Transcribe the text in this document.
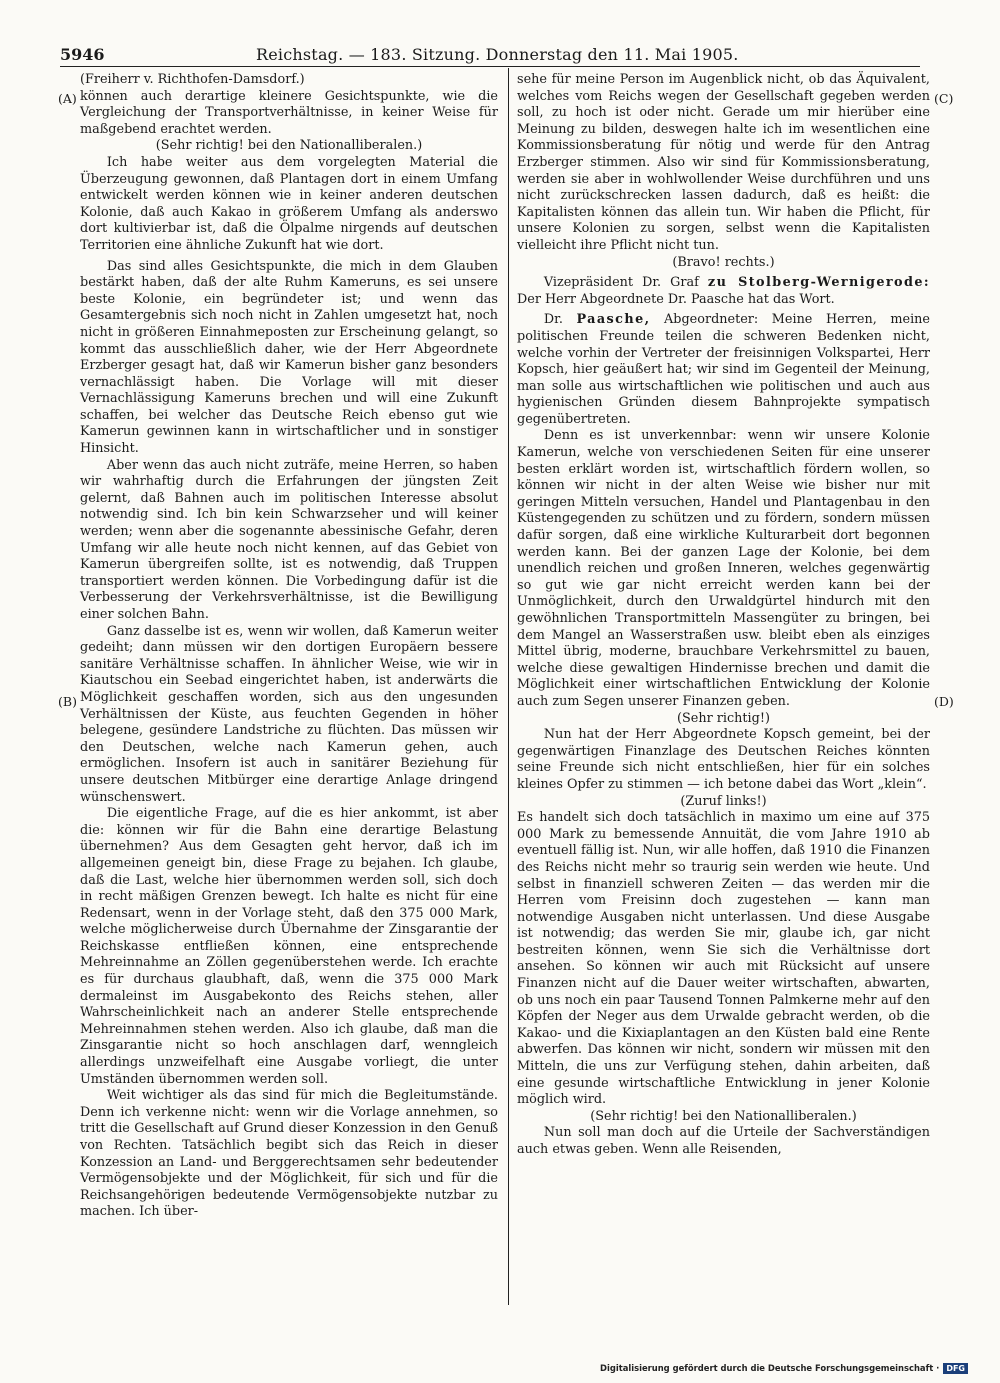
5946	Reichstag. — 183. Sitzung. Donnerstag den 11. Mai 1905.
(A)
(B)
(C)
(D)

(Freiherr v. Richthofen-Damsdorf.)

können auch derartige kleinere Gesichtspunkte, wie die Vergleichung der Transportverhältnisse, in keiner Weise für maßgebend erachtet werden.

(Sehr richtig! bei den Nationalliberalen.)

Ich habe weiter aus dem vorgelegten Material die Überzeugung gewonnen, daß Plantagen dort in einem Umfang entwickelt werden können wie in keiner anderen deutschen Kolonie, daß auch Kakao in größerem Umfang als anderswo dort kultivierbar ist, daß die Ölpalme nirgends auf deutschen Territorien eine ähnliche Zukunft hat wie dort.

Das sind alles Gesichtspunkte, die mich in dem Glauben bestärkt haben, daß der alte Ruhm Kameruns, es sei unsere beste Kolonie, ein begründeter ist; und wenn das Gesamtergebnis sich noch nicht in Zahlen umgesetzt hat, noch nicht in größeren Einnahmeposten zur Erscheinung gelangt, so kommt das ausschließlich daher, wie der Herr Abgeordnete Erzberger gesagt hat, daß wir Kamerun bisher ganz besonders vernachlässigt haben. Die Vorlage will mit dieser Vernachlässigung Kameruns brechen und will eine Zukunft schaffen, bei welcher das Deutsche Reich ebenso gut wie Kamerun gewinnen kann in wirtschaftlicher und in sonstiger Hinsicht.

Aber wenn das auch nicht zuträfe, meine Herren, so haben wir wahrhaftig durch die Erfahrungen der jüngsten Zeit gelernt, daß Bahnen auch im politischen Interesse absolut notwendig sind. Ich bin kein Schwarzseher und will keiner werden; wenn aber die sogenannte abessinische Gefahr, deren Umfang wir alle heute noch nicht kennen, auf das Gebiet von Kamerun übergreifen sollte, ist es notwendig, daß Truppen transportiert werden können. Die Vorbedingung dafür ist die Verbesserung der Verkehrsverhältnisse, ist die Bewilligung einer solchen Bahn.

Ganz dasselbe ist es, wenn wir wollen, daß Kamerun weiter gedeiht; dann müssen wir den dortigen Europäern bessere sanitäre Verhältnisse schaffen. In ähnlicher Weise, wie wir in Kiautschou ein Seebad eingerichtet haben, ist anderwärts die Möglichkeit geschaffen worden, sich aus den ungesunden Verhältnissen der Küste, aus feuchten Gegenden in höher belegene, gesündere Landstriche zu flüchten. Das müssen wir den Deutschen, welche nach Kamerun gehen, auch ermöglichen. Insofern ist auch in sanitärer Beziehung für unsere deutschen Mitbürger eine derartige Anlage dringend wünschenswert.

Die eigentliche Frage, auf die es hier ankommt, ist aber die: können wir für die Bahn eine derartige Belastung übernehmen? Aus dem Gesagten geht hervor, daß ich im allgemeinen geneigt bin, diese Frage zu bejahen. Ich glaube, daß die Last, welche hier übernommen werden soll, sich doch in recht mäßigen Grenzen bewegt. Ich halte es nicht für eine Redensart, wenn in der Vorlage steht, daß den 375 000 Mark, welche möglicherweise durch Übernahme der Zinsgarantie der Reichskasse entfließen können, eine entsprechende Mehreinnahme an Zöllen gegenüberstehen werde. Ich erachte es für durchaus glaubhaft, daß, wenn die 375 000 Mark dermaleinst im Ausgabekonto des Reichs stehen, aller Wahrscheinlichkeit nach an anderer Stelle entsprechende Mehreinnahmen stehen werden. Also ich glaube, daß man die Zinsgarantie nicht so hoch anschlagen darf, wenngleich allerdings unzweifelhaft eine Ausgabe vorliegt, die unter Umständen übernommen werden soll.

Weit wichtiger als das sind für mich die Begleitumstände. Denn ich verkenne nicht: wenn wir die Vorlage annehmen, so tritt die Gesellschaft auf Grund dieser Konzession in den Genuß von Rechten. Tatsächlich begibt sich das Reich in dieser Konzession an Land- und Berggerechtsamen sehr bedeutender Vermögensobjekte und der Möglichkeit, für sich und für die Reichsangehörigen bedeutende Vermögensobjekte nutzbar zu machen. Ich über-

sehe für meine Person im Augenblick nicht, ob das Äquivalent, welches vom Reichs wegen der Gesellschaft gegeben werden soll, zu hoch ist oder nicht. Gerade um mir hierüber eine Meinung zu bilden, deswegen halte ich im wesentlichen eine Kommissionsberatung für nötig und werde für den Antrag Erzberger stimmen. Also wir sind für Kommissionsberatung, werden sie aber in wohlwollender Weise durchführen und uns nicht zurückschrecken lassen dadurch, daß es heißt: die Kapitalisten können das allein tun. Wir haben die Pflicht, für unsere Kolonien zu sorgen, selbst wenn die Kapitalisten vielleicht ihre Pflicht nicht tun.

(Bravo! rechts.)

Vizepräsident Dr. Graf zu Stolberg-Wernigerode: Der Herr Abgeordnete Dr. Paasche hat das Wort.

Dr. Paasche, Abgeordneter: Meine Herren, meine politischen Freunde teilen die schweren Bedenken nicht, welche vorhin der Vertreter der freisinnigen Volkspartei, Herr Kopsch, hier geäußert hat; wir sind im Gegenteil der Meinung, man solle aus wirtschaftlichen wie politischen und auch aus hygienischen Gründen diesem Bahnprojekte sympatisch gegenübertreten.

Denn es ist unverkennbar: wenn wir unsere Kolonie Kamerun, welche von verschiedenen Seiten für eine unserer besten erklärt worden ist, wirtschaftlich fördern wollen, so können wir nicht in der alten Weise wie bisher nur mit geringen Mitteln versuchen, Handel und Plantagenbau in den Küstengegenden zu schützen und zu fördern, sondern müssen dafür sorgen, daß eine wirkliche Kulturarbeit dort begonnen werden kann. Bei der ganzen Lage der Kolonie, bei dem unendlich reichen und großen Inneren, welches gegenwärtig so gut wie gar nicht erreicht werden kann bei der Unmöglichkeit, durch den Urwaldgürtel hindurch mit den gewöhnlichen Transportmitteln Massengüter zu bringen, bei dem Mangel an Wasserstraßen usw. bleibt eben als einziges Mittel übrig, moderne, brauchbare Verkehrsmittel zu bauen, welche diese gewaltigen Hindernisse brechen und damit die Möglichkeit einer wirtschaftlichen Entwicklung der Kolonie auch zum Segen unserer Finanzen geben.

(Sehr richtig!)

Nun hat der Herr Abgeordnete Kopsch gemeint, bei der gegenwärtigen Finanzlage des Deutschen Reiches könnten seine Freunde sich nicht entschließen, hier für ein solches kleines Opfer zu stimmen — ich betone dabei das Wort „klein“.

(Zuruf links!)

Es handelt sich doch tatsächlich in maximo um eine auf 375 000 Mark zu bemessende Annuität, die vom Jahre 1910 ab eventuell fällig ist. Nun, wir alle hoffen, daß 1910 die Finanzen des Reichs nicht mehr so traurig sein werden wie heute. Und selbst in finanziell schweren Zeiten — das werden mir die Herren vom Freisinn doch zugestehen — kann man notwendige Ausgaben nicht unterlassen. Und diese Ausgabe ist notwendig; das werden Sie mir, glaube ich, gar nicht bestreiten können, wenn Sie sich die Verhältnisse dort ansehen. So können wir auch mit Rücksicht auf unsere Finanzen nicht auf die Dauer weiter wirtschaften, abwarten, ob uns noch ein paar Tausend Tonnen Palmkerne mehr auf den Köpfen der Neger aus dem Urwalde gebracht werden, ob die Kakao- und die Kixiaplantagen an den Küsten bald eine Rente abwerfen. Das können wir nicht, sondern wir müssen mit den Mitteln, die uns zur Verfügung stehen, dahin arbeiten, daß eine gesunde wirtschaftliche Entwicklung in jener Kolonie möglich wird.

(Sehr richtig! bei den Nationalliberalen.)

Nun soll man doch auf die Urteile der Sachverständigen auch etwas geben. Wenn alle Reisenden,

Digitalisierung gefördert durch die Deutsche Forschungsgemeinschaft · DFG
